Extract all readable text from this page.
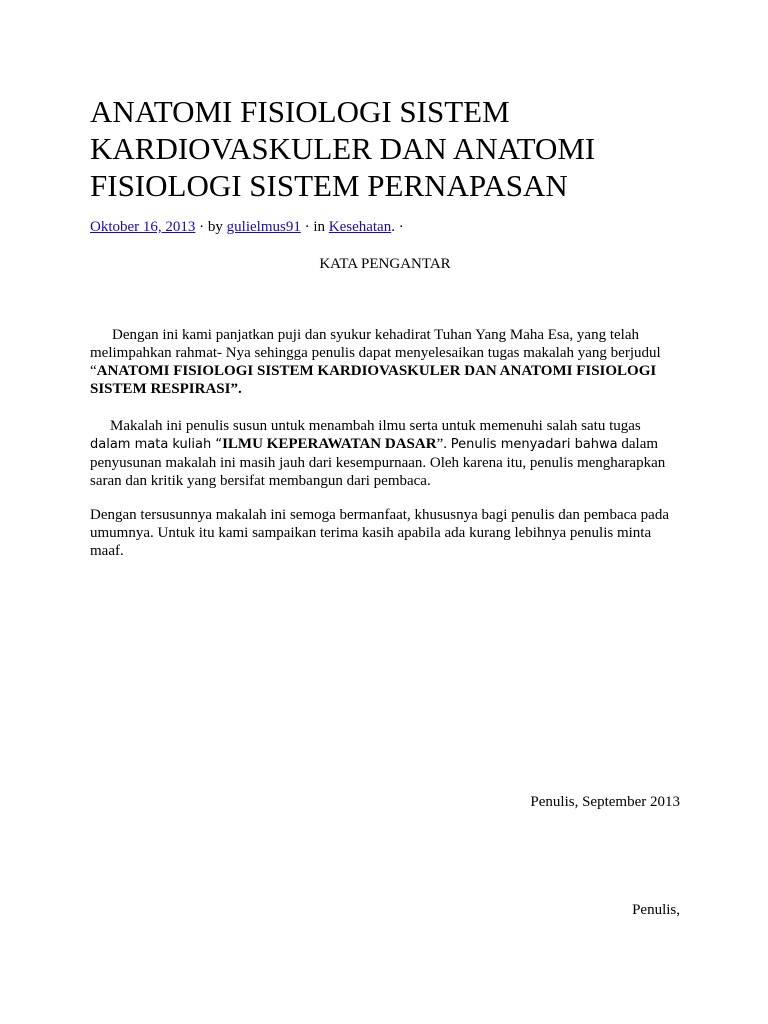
ANATOMI FISIOLOGI SISTEM KARDIOVASKULER DAN ANATOMI FISIOLOGI SISTEM PERNAPASAN
Oktober 16, 2013 · by gulielmus91 · in Kesehatan. ·
KATA PENGANTAR

Dengan ini kami panjatkan puji dan syukur kehadirat Tuhan Yang Maha Esa, yang telah
melimpahkan rahmat- Nya sehingga penulis dapat menyelesaikan tugas makalah yang berjudul
“ANATOMI FISIOLOGI SISTEM KARDIOVASKULER DAN ANATOMI FISIOLOGI SISTEM RESPIRASI”.

Makalah ini penulis susun untuk menambah ilmu serta untuk memenuhi salah satu tugas
dalam mata kuliah “ILMU KEPERAWATAN DASAR”. Penulis menyadari bahwa dalam
penyusunan makalah ini masih jauh dari kesempurnaan. Oleh karena itu, penulis mengharapkan
saran dan kritik yang bersifat membangun dari pembaca.

Dengan tersusunnya makalah ini semoga bermanfaat, khususnya bagi penulis dan pembaca pada
umumnya. Untuk itu kami sampaikan terima kasih apabila ada kurang lebihnya penulis minta
maaf.

Penulis, September 2013
Penulis,
